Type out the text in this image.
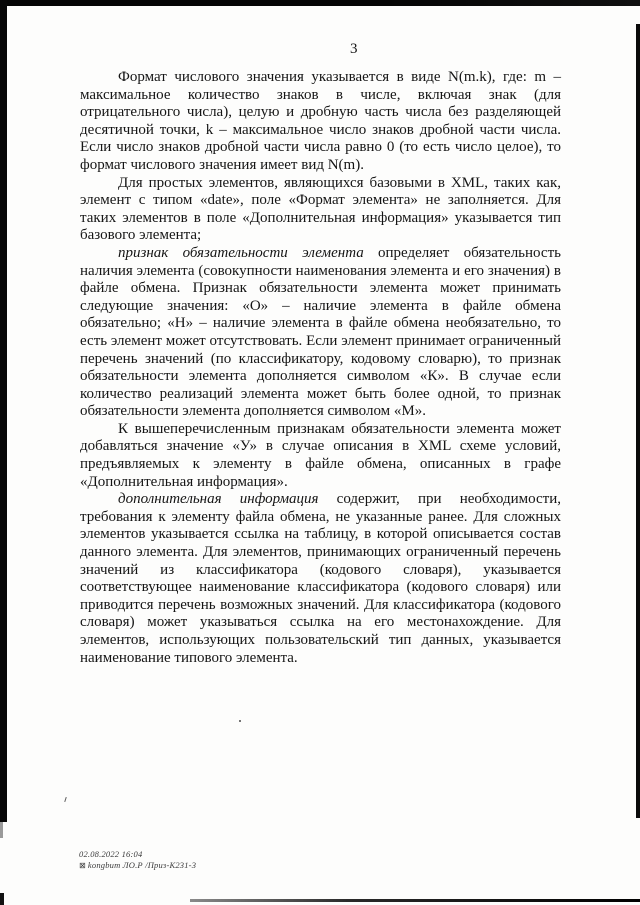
3

Формат числового значения указывается в виде N(m.k), где: m – максимальное количество знаков в числе, включая знак (для отрицательного числа), целую и дробную часть числа без разделяющей десятичной точки, k – максимальное число знаков дробной части числа. Если число знаков дробной части числа равно 0 (то есть число целое), то формат числового значения имеет вид N(m).

Для простых элементов, являющихся базовыми в XML, таких как, элемент с типом «date», поле «Формат элемента» не заполняется. Для таких элементов в поле «Дополнительная информация» указывается тип базового элемента;

признак обязательности элемента определяет обязательность наличия элемента (совокупности наименования элемента и его значения) в файле обмена. Признак обязательности элемента может принимать следующие значения: «О» – наличие элемента в файле обмена обязательно; «Н» – наличие элемента в файле обмена необязательно, то есть элемент может отсутствовать. Если элемент принимает ограниченный перечень значений (по классификатору, кодовому словарю), то признак обязательности элемента дополняется символом «К». В случае если количество реализаций элемента может быть более одной, то признак обязательности элемента дополняется символом «М».

К вышеперечисленным признакам обязательности элемента может добавляться значение «У» в случае описания в XML схеме условий, предъявляемых к элементу в файле обмена, описанных в графе «Дополнительная информация».

дополнительная информация содержит, при необходимости, требования к элементу файла обмена, не указанные ранее. Для сложных элементов указывается ссылка на таблицу, в которой описывается состав данного элемента. Для элементов, принимающих ограниченный перечень значений из классификатора (кодового словаря), указывается соответствующее наименование классификатора (кодового словаря) или приводится перечень возможных значений. Для классификатора (кодового словаря) может указываться ссылка на его местонахождение. Для элементов, использующих пользовательский тип данных, указывается наименование типового элемента.

02.08.2022 16:04
⊠ kongbum ЛО.Р /Приз-К231-3
